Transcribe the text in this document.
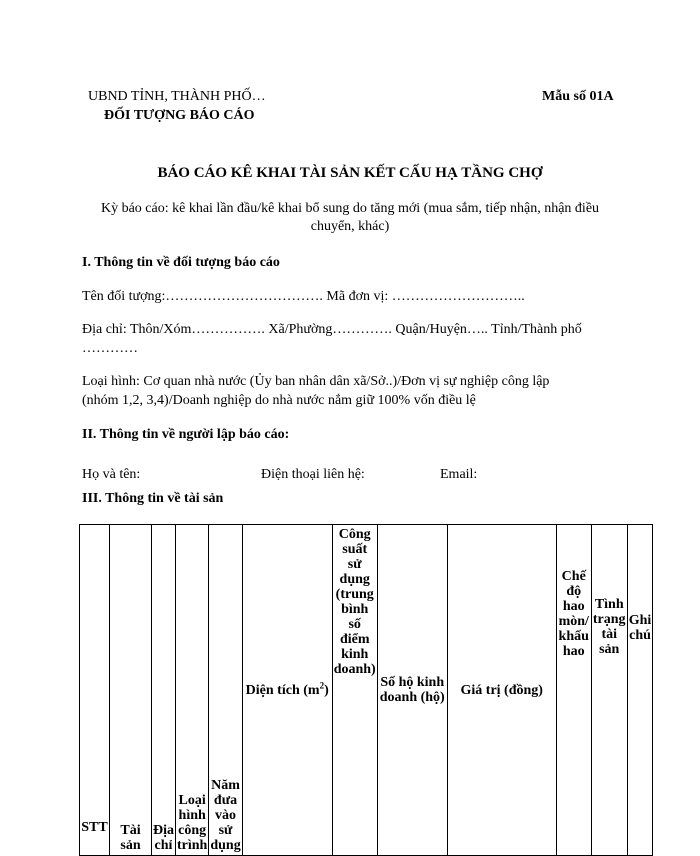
UBND TỈNH, THÀNH PHỐ…
ĐỐI TƯỢNG BÁO CÁO
Mẫu số 01A
BÁO CÁO KÊ KHAI TÀI SẢN KẾT CẤU HẠ TẦNG CHỢ
Kỳ báo cáo: kê khai lần đầu/kê khai bổ sung do tăng mới (mua sắm, tiếp nhận, nhận điều
chuyển, khác)
I. Thông tin về đối tượng báo cáo
Tên đối tượng:……………………………. Mã đơn vị: ………………………..
Địa chỉ: Thôn/Xóm……………. Xã/Phường…………. Quận/Huyện….. Tỉnh/Thành phố
…………
Loại hình: Cơ quan nhà nước (Ủy ban nhân dân xã/Sở..)/Đơn vị sự nghiệp công lập
(nhóm 1,2, 3,4)/Doanh nghiệp do nhà nước nắm giữ 100% vốn điều lệ
II. Thông tin về người lập báo cáo:
Họ và tên:	Điện thoại liên hệ:	Email:
III. Thông tin về tài sản
STT	Tài sản	Địa chỉ	Loại hình công trình	Năm đưa vào sử dụng	Diện tích $(m^2)$	Công suất sử dụng (trung bình số điểm kinh doanh)	Số hộ kinh doanh (hộ)	Giá trị (đồng)	Chế độ hao mòn/ khấu hao	Tình trạng tài sản	Ghi chú
